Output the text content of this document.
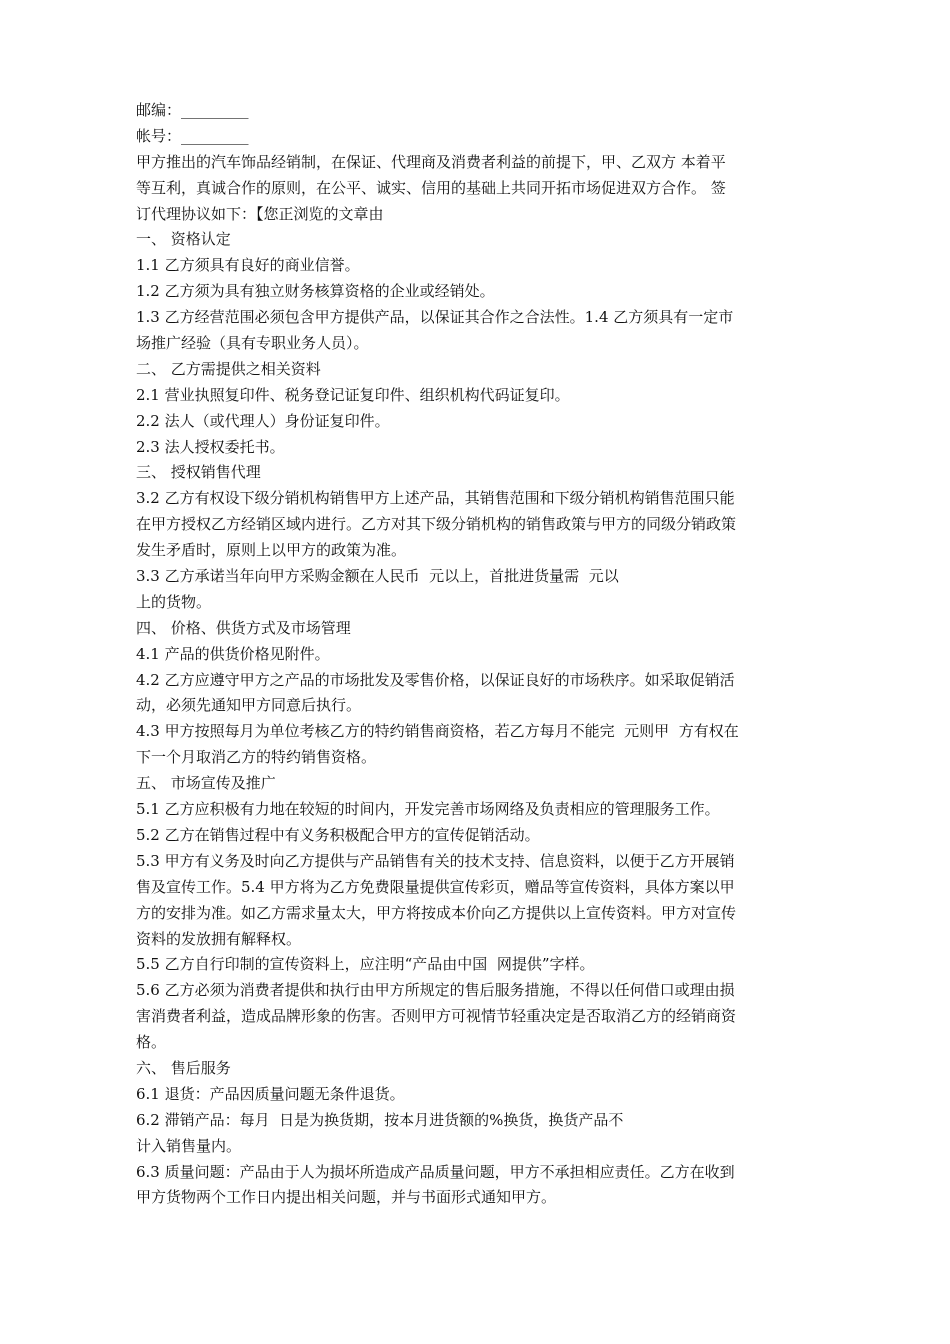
邮编：_________
帐号：_________
甲方推出的汽车饰品经销制，在保证、代理商及消费者利益的前提下，甲、乙双方 本着平
等互利，真诚合作的原则，在公平、诚实、信用的基础上共同开拓市场促进双方合作。 签
订代理协议如下：【您正浏览的文章由
一、 资格认定
1.1 乙方须具有良好的商业信誉。
1.2 乙方须为具有独立财务核算资格的企业或经销处。
1.3 乙方经营范围必须包含甲方提供产品，以保证其合作之合法性。1.4 乙方须具有一定市
场推广经验（具有专职业务人员）。
二、 乙方需提供之相关资料
2.1 营业执照复印件、税务登记证复印件、组织机构代码证复印。
2.2 法人（或代理人）身份证复印件。
2.3 法人授权委托书。
三、 授权销售代理
3.2 乙方有权设下级分销机构销售甲方上述产品，其销售范围和下级分销机构销售范围只能
在甲方授权乙方经销区域内进行。乙方对其下级分销机构的销售政策与甲方的同级分销政策
发生矛盾时，原则上以甲方的政策为准。
3.3 乙方承诺当年向甲方采购金额在人民币  元以上，首批进货量需  元以
上的货物。
四、 价格、供货方式及市场管理
4.1 产品的供货价格见附件。
4.2 乙方应遵守甲方之产品的市场批发及零售价格，以保证良好的市场秩序。如采取促销活
动，必须先通知甲方同意后执行。
4.3 甲方按照每月为单位考核乙方的特约销售商资格，若乙方每月不能完  元则甲  方有权在
下一个月取消乙方的特约销售资格。
五、 市场宣传及推广
5.1 乙方应积极有力地在较短的时间内，开发完善市场网络及负责相应的管理服务工作。
5.2 乙方在销售过程中有义务积极配合甲方的宣传促销活动。
5.3 甲方有义务及时向乙方提供与产品销售有关的技术支持、信息资料，以便于乙方开展销
售及宣传工作。5.4 甲方将为乙方免费限量提供宣传彩页，赠品等宣传资料，具体方案以甲
方的安排为准。如乙方需求量太大，甲方将按成本价向乙方提供以上宣传资料。甲方对宣传
资料的发放拥有解释权。
5.5 乙方自行印制的宣传资料上，应注明“产品由中国  网提供”字样。
5.6 乙方必须为消费者提供和执行由甲方所规定的售后服务措施，不得以任何借口或理由损
害消费者利益，造成品牌形象的伤害。否则甲方可视情节轻重决定是否取消乙方的经销商资
格。
六、 售后服务
6.1 退货：产品因质量问题无条件退货。
6.2 滞销产品：每月  日是为换货期，按本月进货额的%换货，换货产品不
计入销售量内。
6.3 质量问题：产品由于人为损坏所造成产品质量问题，甲方不承担相应责任。乙方在收到
甲方货物两个工作日内提出相关问题，并与书面形式通知甲方。
